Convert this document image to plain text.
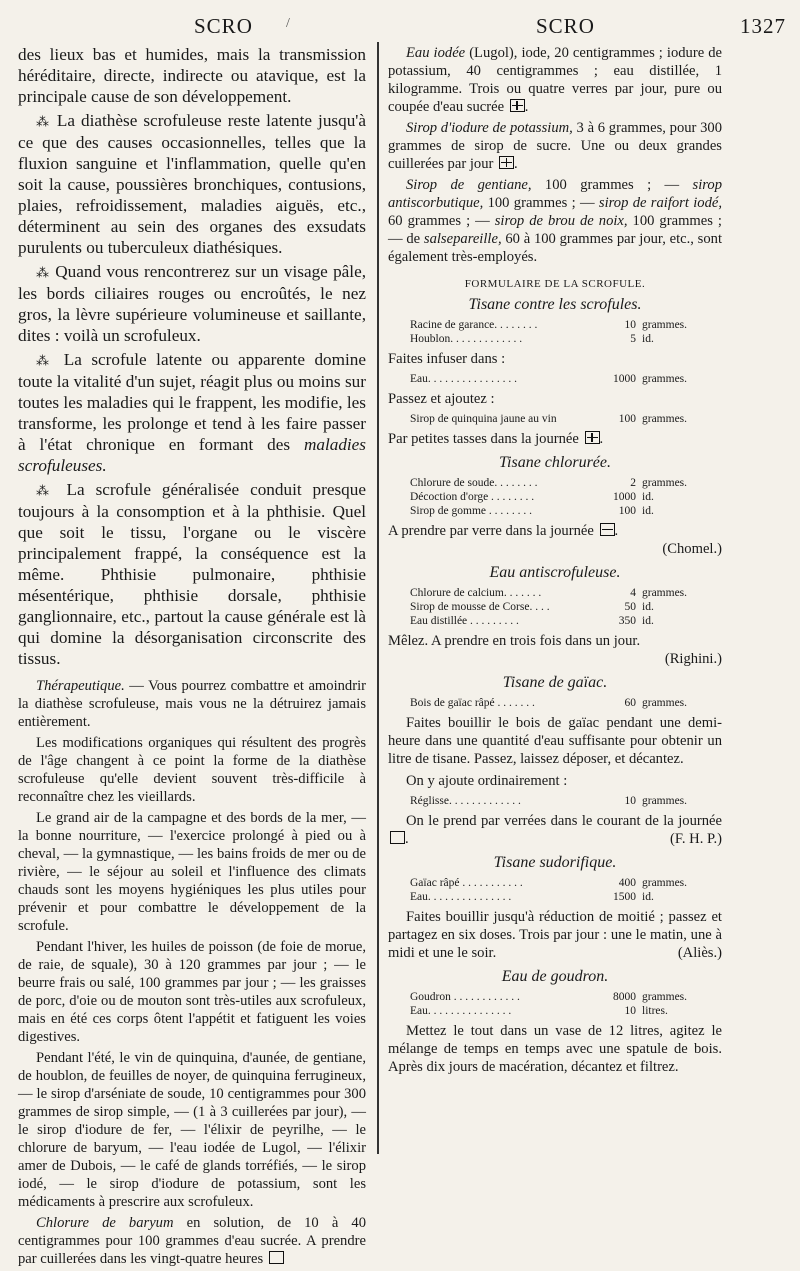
SCRO /	SCRO	1327

des lieux bas et humides, mais la transmission héréditaire, directe, indirecte ou atavique, est la principale cause de son développement.

⁂ La diathèse scrofuleuse reste latente jusqu'à ce que des causes occasionnelles, telles que la fluxion sanguine et l'inflammation, quelle qu'en soit la cause, poussières bronchiques, contusions, plaies, refroidissement, maladies aiguës, etc., déterminent au sein des organes des exsudats purulents ou tuberculeux diathésiques.

⁂ Quand vous rencontrerez sur un visage pâle, les bords ciliaires rouges ou encroûtés, le nez gros, la lèvre supérieure volumineuse et saillante, dites : voilà un scrofuleux.

⁂ La scrofule latente ou apparente domine toute la vitalité d'un sujet, réagit plus ou moins sur toutes les maladies qui le frappent, les modifie, les transforme, les prolonge et tend à les faire passer à l'état chronique en formant des maladies scrofuleuses.

⁂ La scrofule généralisée conduit presque toujours à la consomption et à la phthisie. Quel que soit le tissu, l'organe ou le viscère principalement frappé, la conséquence est la même. Phthisie pulmonaire, phthisie mésentérique, phthisie dorsale, phthisie ganglionnaire, etc., partout la cause générale est là qui domine la désorganisation circonscrite des tissus.

Thérapeutique. — Vous pourrez combattre et amoindrir la diathèse scrofuleuse, mais vous ne la détruirez jamais entièrement.

Les modifications organiques qui résultent des progrès de l'âge changent à ce point la forme de la diathèse scrofuleuse qu'elle devient souvent très-difficile à reconnaître chez les vieillards.

Le grand air de la campagne et des bords de la mer, — la bonne nourriture, — l'exercice prolongé à pied ou à cheval, — la gymnastique, — les bains froids de mer ou de rivière, — le séjour au soleil et l'influence des climats chauds sont les moyens hygiéniques les plus utiles pour prévenir et pour combattre le développement de la scrofule.

Pendant l'hiver, les huiles de poisson (de foie de morue, de raie, de squale), 30 à 120 grammes par jour ; — le beurre frais ou salé, 100 grammes par jour ; — les graisses de porc, d'oie ou de mouton sont très-utiles aux scrofuleux, mais en été ces corps ôtent l'appétit et fatiguent les voies digestives.

Pendant l'été, le vin de quinquina, d'aunée, de gentiane, de houblon, de feuilles de noyer, de quinquina ferrugineux, — le sirop d'arséniate de soude, 10 centigrammes pour 300 grammes de sirop simple, — (1 à 3 cuillerées par jour), — le sirop d'iodure de fer, — l'élixir de peyrilhe, — le chlorure de baryum, — l'eau iodée de Lugol, — l'élixir amer de Dubois, — le café de glands torréfiés, — le sirop iodé, — le sirop d'iodure de potassium, sont les médicaments à prescrire aux scrofuleux.

Chlorure de baryum en solution, de 10 à 40 centigrammes pour 100 grammes d'eau sucrée. A prendre par cuillerées dans les vingt-quatre heures

Eau iodée (Lugol), iode, 20 centigrammes ; iodure de potassium, 40 centigrammes ; eau distillée, 1 kilogramme. Trois ou quatre verres par jour, pure ou coupée d'eau sucrée .

Sirop d'iodure de potassium, 3 à 6 grammes, pour 300 grammes de sirop de sucre. Une ou deux grandes cuillerées par jour .

Sirop de gentiane, 100 grammes ; — sirop antiscorbutique, 100 grammes ; — sirop de raifort iodé, 60 grammes ; — sirop de brou de noix, 100 grammes ; — de salsepareille, 60 à 100 grammes par jour, etc., sont également très-employés.

FORMULAIRE DE LA SCROFULE.
Tisane contre les scrofules.
Racine de garance. . . . . . . .	10 grammes.
Houblon. . . . . . . . . . . . .	5 id.
Faites infuser dans :
Eau. . . . . . . . . . . . . . . .	1000 grammes.
Passez et ajoutez :
Sirop de quinquina jaune au vin	100 grammes.
Par petites tasses dans la journée .
Tisane chlorurée.
Chlorure de soude. . . . . . . .	2 grammes.
Décoction d'orge . . . . . . . .	1000 id.
Sirop de gomme . . . . . . . .	100 id.
A prendre par verre dans la journée .

(Chomel.)
Eau antiscrofuleuse.
Chlorure de calcium. . . . . . .	4 grammes.
Sirop de mousse de Corse. . . .	50 id.
Eau distillée . . . . . . . . .	350 id.
Mêlez. A prendre en trois fois dans un jour.

(Righini.)
Tisane de gaïac.
Bois de gaïac râpé . . . . . . .	60 grammes.
Faites bouillir le bois de gaïac pendant une demi-heure dans une quantité d'eau suffisante pour obtenir un litre de tisane. Passez, laissez déposer, et décantez.
On y ajoute ordinairement :
Réglisse. . . . . . . . . . . . .	10 grammes.
On le prend par verrées dans le courant de la journée .	(F. H. P.)
Tisane sudorifique.
Gaïac râpé . . . . . . . . . . .	400 grammes.
Eau. . . . . . . . . . . . . . .	1500 id.
Faites bouillir jusqu'à réduction de moitié ; passez et partagez en six doses. Trois par jour : une le matin, une à midi et une le soir.	(Aliès.)
Eau de goudron.
Goudron . . . . . . . . . . . .	8000 grammes.
Eau. . . . . . . . . . . . . . .	10 litres.
Mettez le tout dans un vase de 12 litres, agitez le mélange de temps en temps avec une spatule de bois. Après dix jours de macération, décantez et filtrez.
